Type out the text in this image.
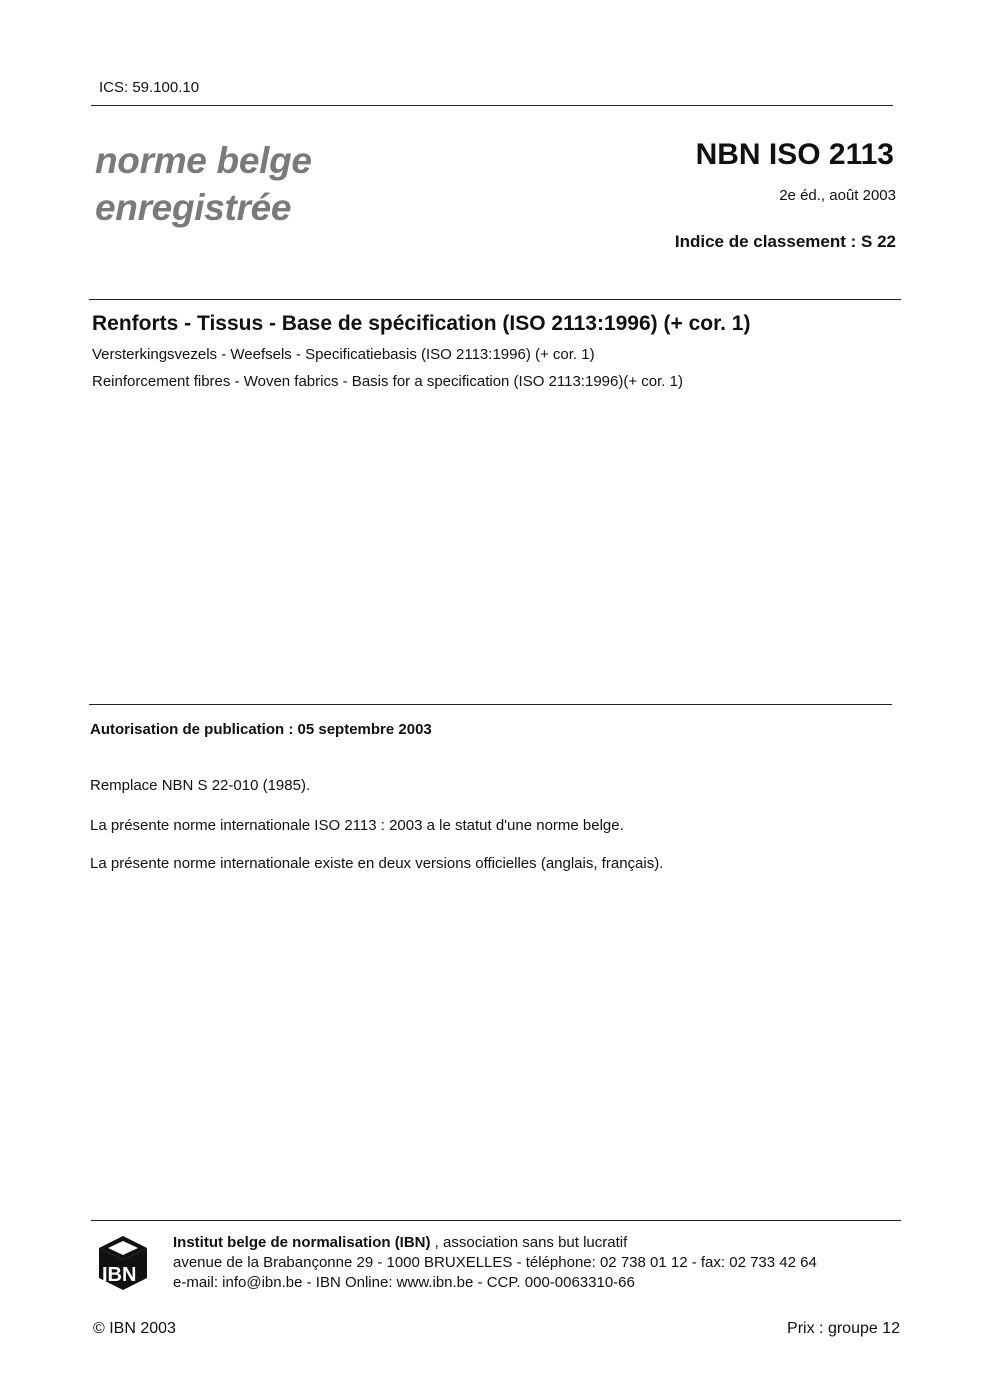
ICS: 59.100.10
norme belge
enregistrée
NBN ISO 2113
2e éd., août 2003
Indice de classement : S 22
Renforts - Tissus - Base de spécification (ISO 2113:1996) (+ cor. 1)
Versterkingsvezels - Weefsels - Specificatiebasis (ISO 2113:1996) (+ cor. 1)
Reinforcement fibres - Woven fabrics - Basis for a specification (ISO 2113:1996)(+ cor. 1)
Autorisation de publication : 05 septembre 2003
Remplace NBN S 22-010 (1985).
La présente norme internationale ISO 2113 : 2003 a le statut d'une norme belge.
La présente norme internationale existe en deux versions officielles (anglais, français).
IBN
Institut belge de normalisation (IBN) , association sans but lucratif
avenue de la Brabançonne 29 - 1000 BRUXELLES - téléphone: 02 738 01 12 - fax: 02 733 42 64
e-mail: info@ibn.be - IBN Online: www.ibn.be - CCP. 000-0063310-66
© IBN 2003	Prix : groupe 12
